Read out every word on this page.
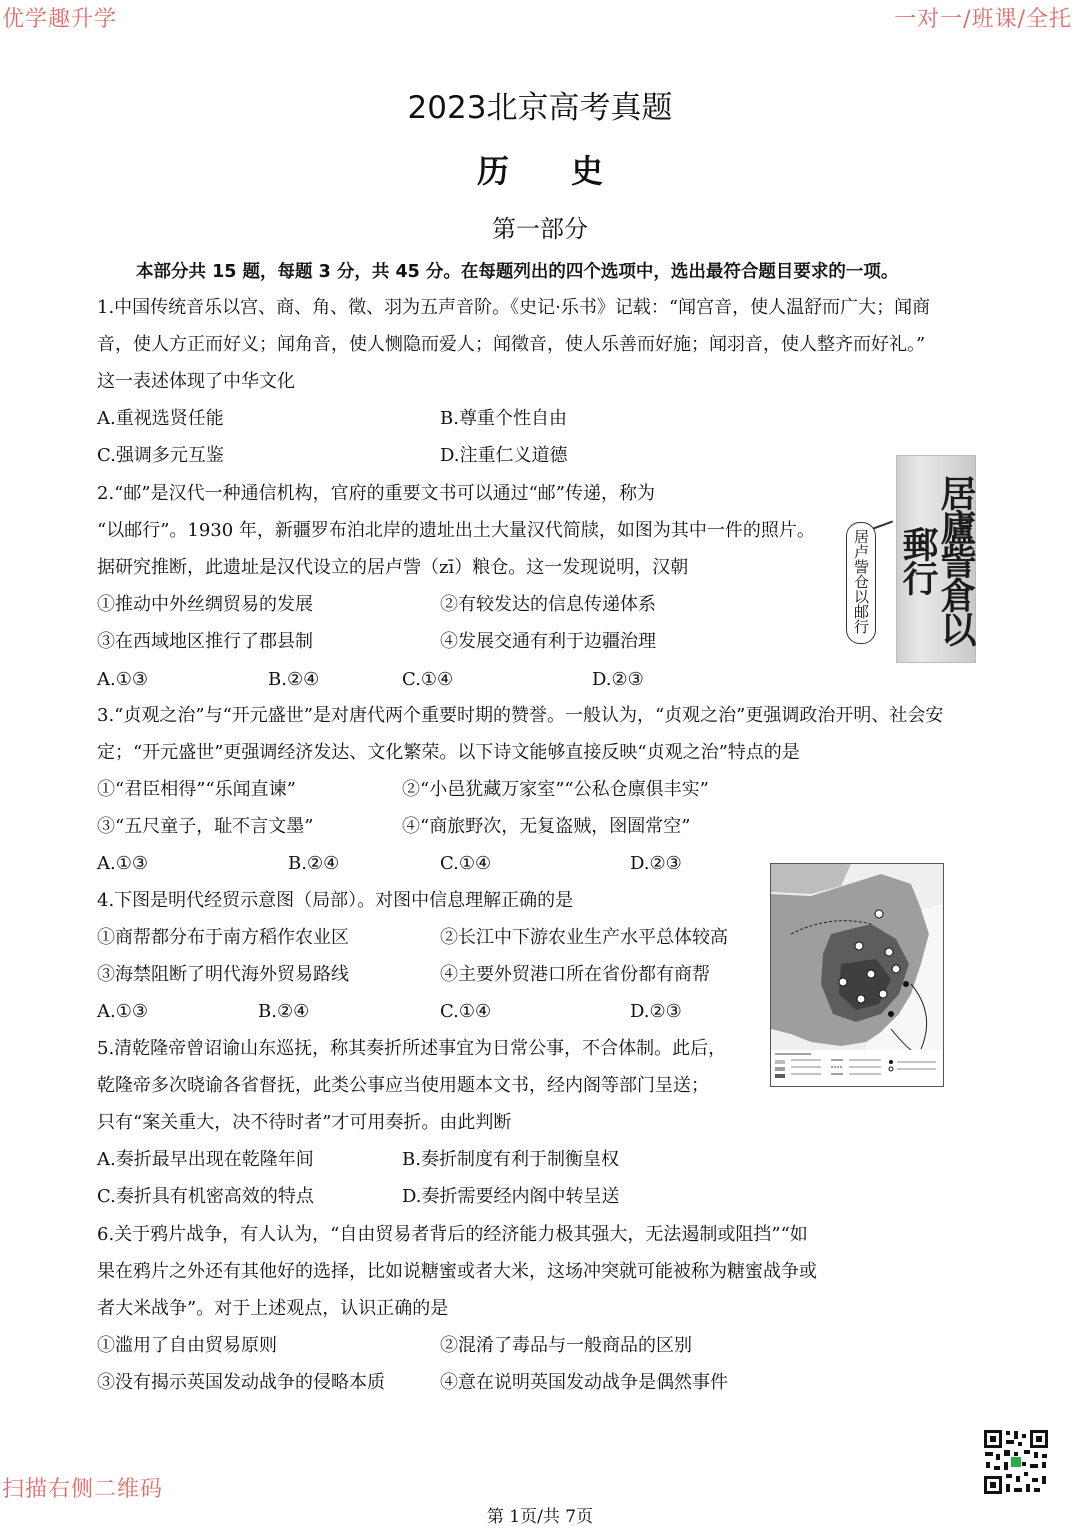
优学趣升学	一对一/班课/全托
2023北京高考真题
历史
第一部分
本部分共 15 题，每题 3 分，共 45 分。在每题列出的四个选项中，选出最符合题目要求的一项。
1.中国传统音乐以宫、商、角、徵、羽为五声音阶。《史记·乐书》记载：“闻宫音，使人温舒而广大；闻商
音，使人方正而好义；闻角音，使人恻隐而爱人；闻徵音，使人乐善而好施；闻羽音，使人整齐而好礼。”
这一表述体现了中华文化
A.重视选贤任能	B.尊重个性自由
C.强调多元互鉴	D.注重仁义道德
2.“邮”是汉代一种通信机构，官府的重要文书可以通过“邮”传递，称为
“以邮行”。1930 年，新疆罗布泊北岸的遗址出土大量汉代简牍，如图为其中一件的照片。
据研究推断，此遗址是汉代设立的居卢訾（zī）粮仓。这一发现说明，汉朝
①推动中外丝绸贸易的发展	②有较发达的信息传递体系
③在西域地区推行了郡县制	④发展交通有利于边疆治理
A.①③	B.②④	C.①④	D.②③
居廬訾倉以郵行
居卢訾仓以邮行
3.“贞观之治”与“开元盛世”是对唐代两个重要时期的赞誉。一般认为，“贞观之治”更强调政治开明、社会安
定；“开元盛世”更强调经济发达、文化繁荣。以下诗文能够直接反映“贞观之治”特点的是
①“君臣相得”“乐闻直谏”	②“小邑犹藏万家室”“公私仓廪俱丰实”
③“五尺童子，耻不言文墨”	④“商旅野次，无复盗贼，囹圄常空”
A.①③	B.②④	C.①④	D.②③
4.下图是明代经贸示意图（局部）。对图中信息理解正确的是
①商帮都分布于南方稻作农业区	②长江中下游农业生产水平总体较高
③海禁阻断了明代海外贸易路线	④主要外贸港口所在省份都有商帮
A.①③	B.②④	C.①④	D.②③
5.清乾隆帝曾诏谕山东巡抚，称其奏折所述事宜为日常公事，不合体制。此后，
乾隆帝多次晓谕各省督抚，此类公事应当使用题本文书，经内阁等部门呈送；
只有“案关重大，决不待时者”才可用奏折。由此判断
A.奏折最早出现在乾隆年间	B.奏折制度有利于制衡皇权
C.奏折具有机密高效的特点	D.奏折需要经内阁中转呈送
6.关于鸦片战争，有人认为，“自由贸易者背后的经济能力极其强大，无法遏制或阻挡”“如
果在鸦片之外还有其他好的选择，比如说糖蜜或者大米，这场冲突就可能被称为糖蜜战争或
者大米战争”。对于上述观点，认识正确的是
①滥用了自由贸易原则	②混淆了毒品与一般商品的区别
③没有揭示英国发动战争的侵略本质	④意在说明英国发动战争是偶然事件
扫描右侧二维码
第 1页/共 7页
